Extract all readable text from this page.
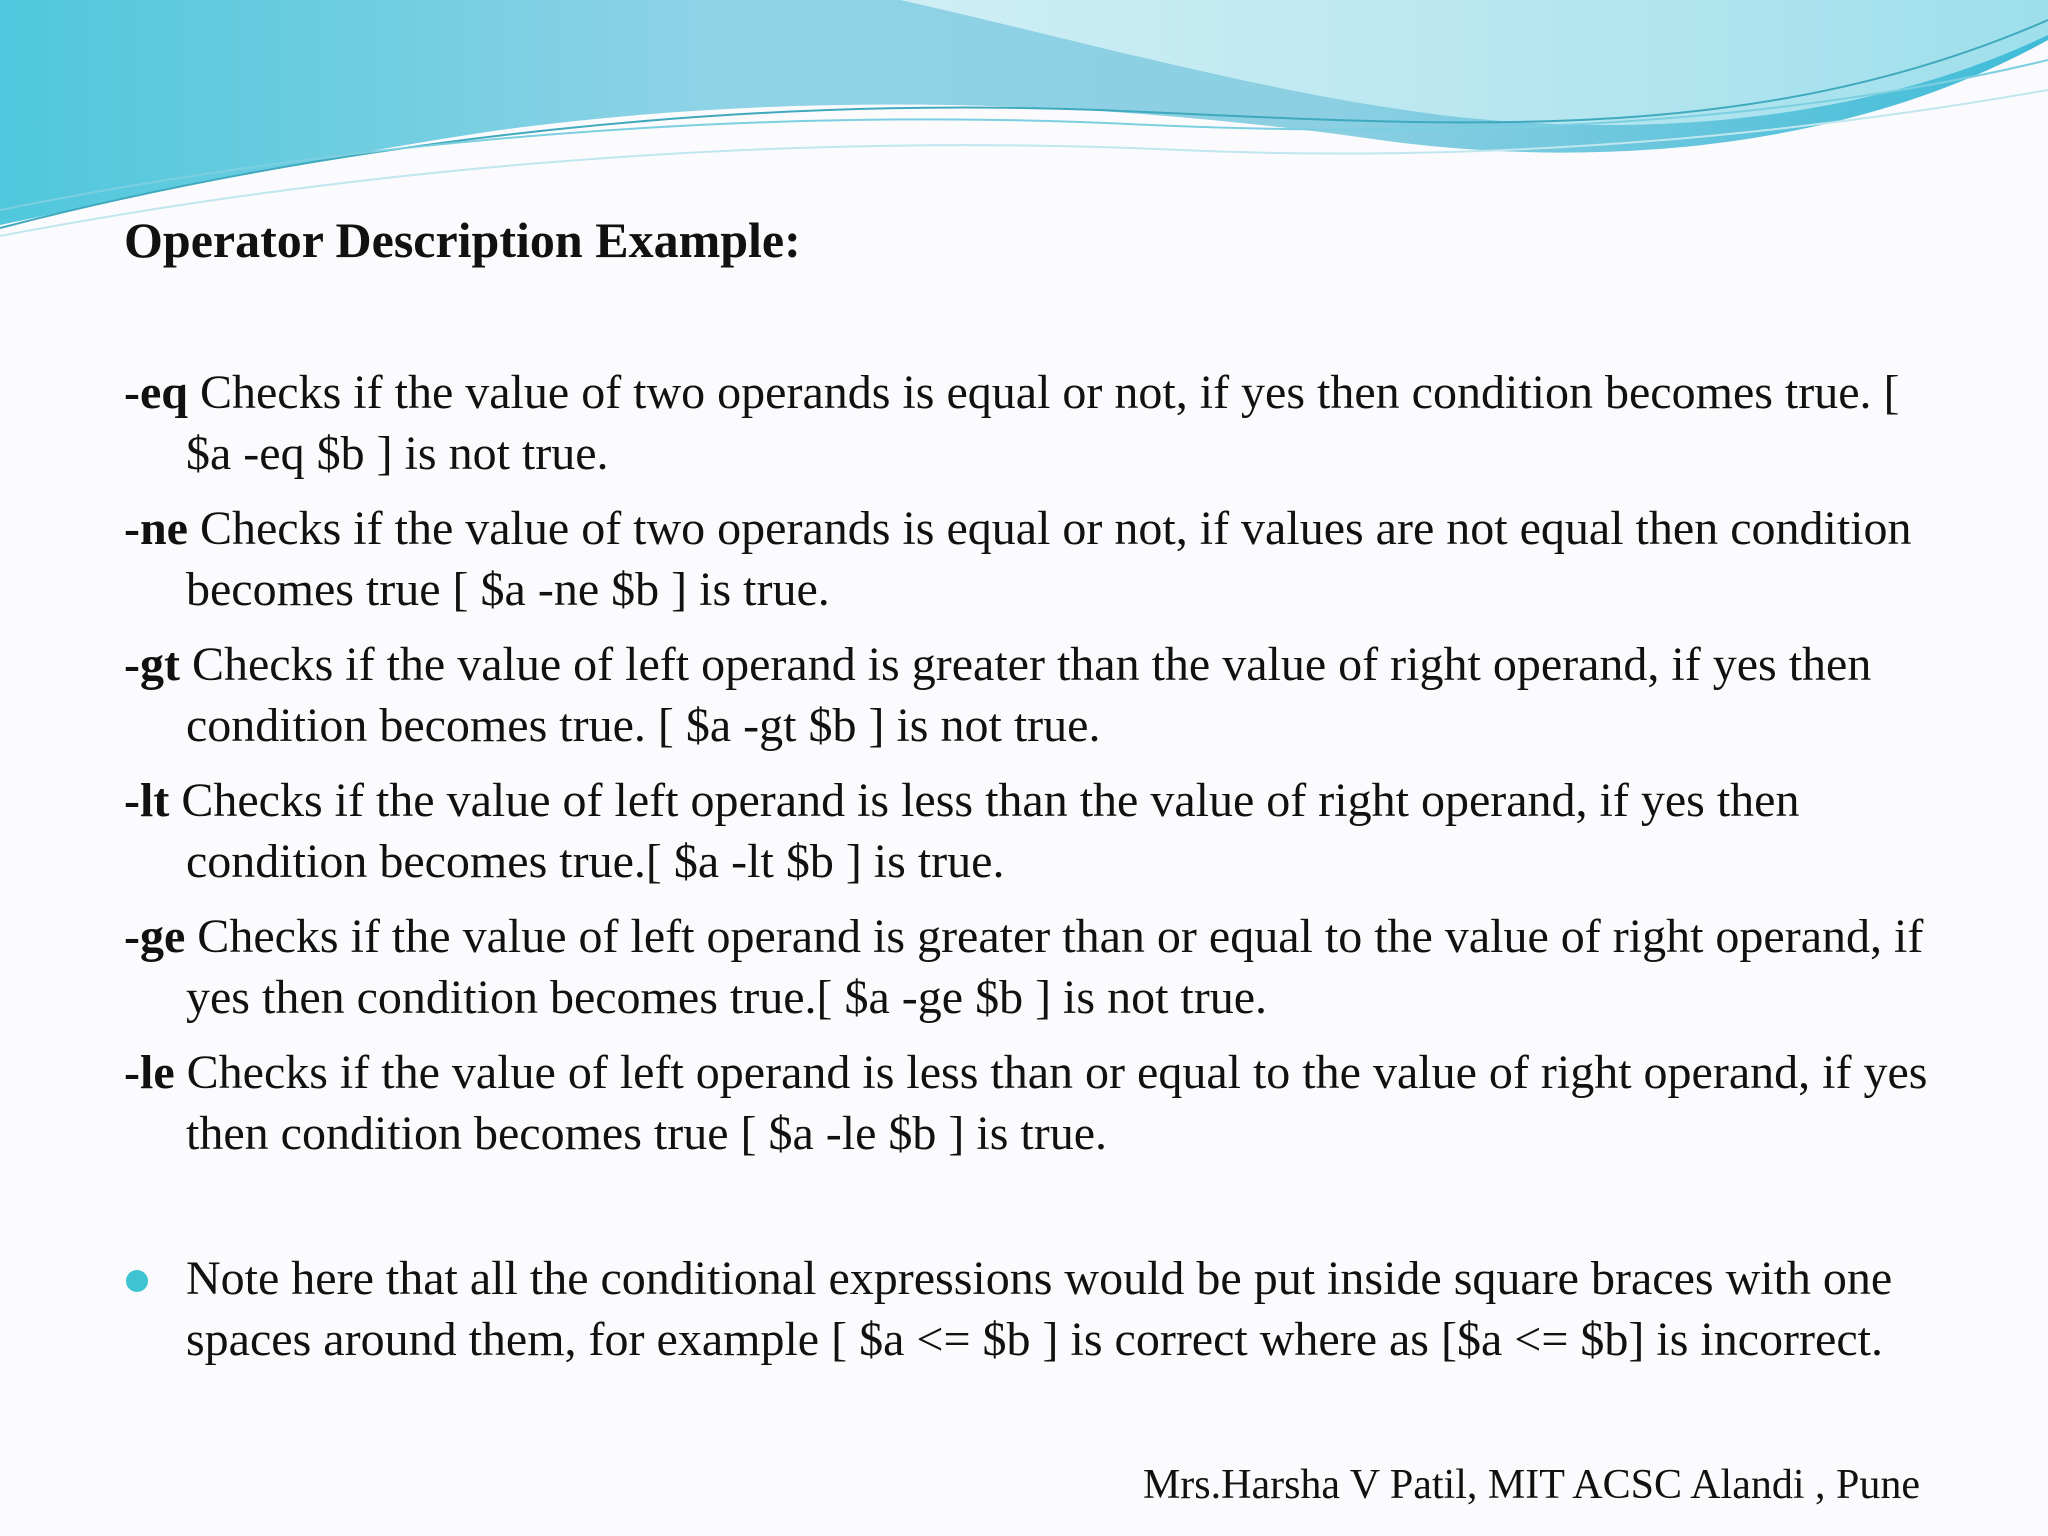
Operator Description Example:

-eq Checks if the value of two operands is equal or not, if yes then condition becomes true. [ $a -eq $b ] is not true.

-ne Checks if the value of two operands is equal or not, if values are not equal then condition becomes true [ $a -ne $b ] is true.

-gt Checks if the value of left operand is greater than the value of right operand, if yes then condition becomes true. [ $a -gt $b ] is not true.

-lt Checks if the value of left operand is less than the value of right operand, if yes then condition becomes true.[ $a -lt $b ] is true.

-ge Checks if the value of left operand is greater than or equal to the value of right operand, if yes then condition becomes true.[ $a -ge $b ] is not true.

-le Checks if the value of left operand is less than or equal to the value of right operand, if yes then condition becomes true [ $a -le $b ] is true.

Note here that all the conditional expressions would be put inside square braces with one spaces around them, for example [ $a <= $b ] is correct where as [$a <= $b] is incorrect.
Mrs.Harsha V Patil, MIT ACSC Alandi , Pune
